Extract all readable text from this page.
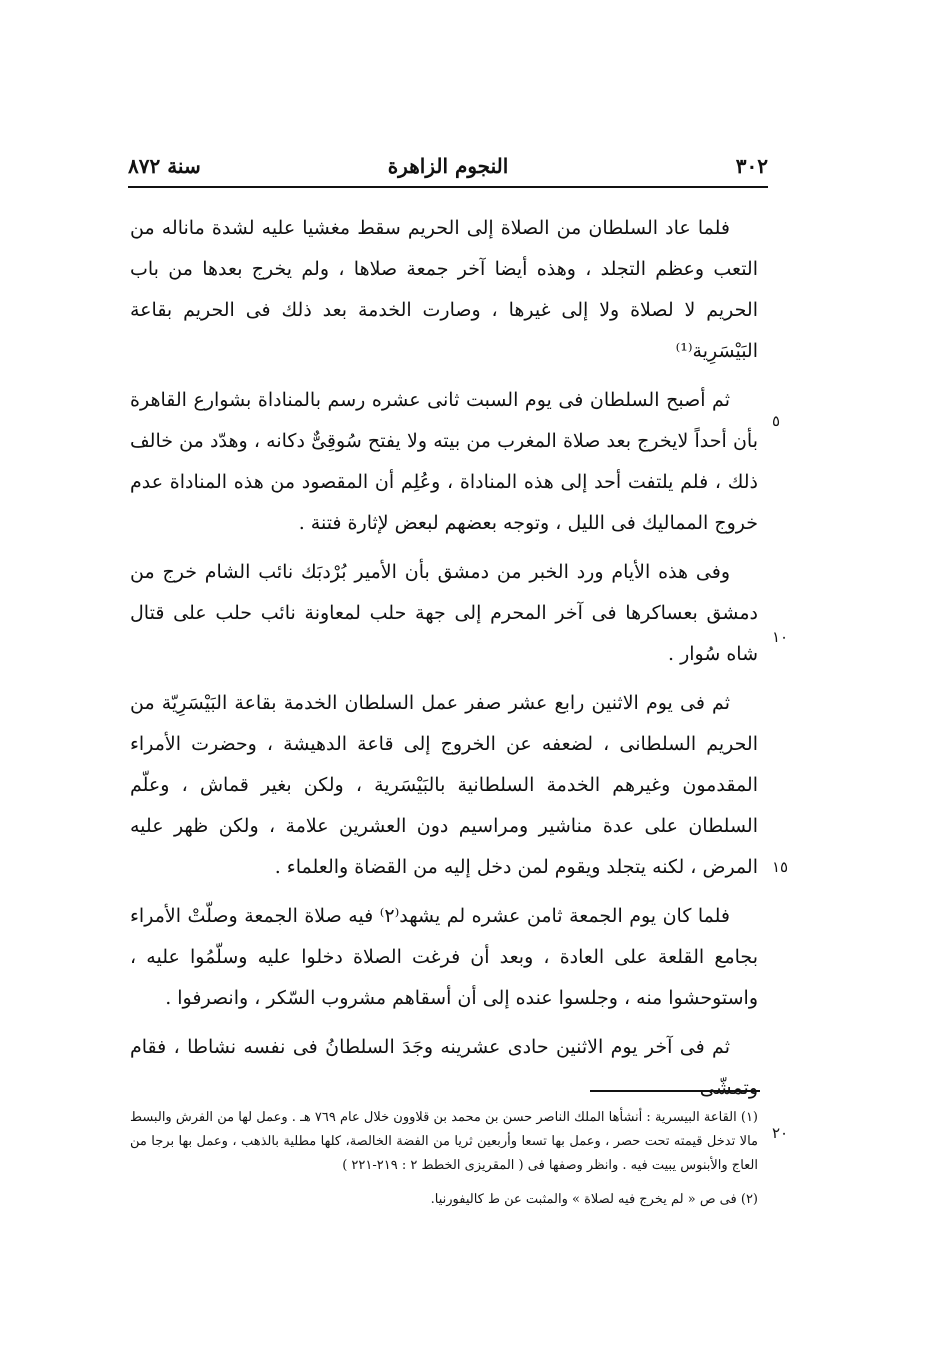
٣٠٢
النجوم الزاهرة
سنة ٨٧٢

فلما عاد السلطان من الصلاة إلى الحريم سقط مغشيا عليه لشدة ماناله من التعب وعظم التجلد ، وهذه أيضا آخر جمعة صلاها ، ولم يخرج بعدها من باب الحريم لا لصلاة ولا إلى غيرها ، وصارت الخدمة بعد ذلك فى الحريم بقاعة البَيْسَرِية⁽¹⁾

ثم أصبح السلطان فى يوم السبت ثانى عشره رسم بالمناداة بشوارع القاهرة بأن أحداً لايخرج بعد صلاة المغرب من بيته ولا يفتح سُوقِىٌّ دكانه ، وهدّد من خالف ذلك ، فلم يلتفت أحد إلى هذه المناداة ، وعُلِم أن المقصود من هذه المناداة عدم خروج المماليك فى الليل ، وتوجه بعضهم لبعض لإثارة فتنة .

وفى هذه الأيام ورد الخبر من دمشق بأن الأمير بُرْدبَك نائب الشام خرج من دمشق بعساكرها فى آخر المحرم إلى جهة حلب لمعاونة نائب حلب على قتال شاه سُوار .

ثم فى يوم الاثنين رابع عشر صفر عمل السلطان الخدمة بقاعة البَيْسَرِيّة من الحريم السلطانى ، لضعفه عن الخروج إلى قاعة الدهيشة ، وحضرت الأمراء المقدمون وغيرهم الخدمة السلطانية بالبَيْسَرية ، ولكن بغير قماش ، وعلّم السلطان على عدة مناشير ومراسيم دون العشرين علامة ، ولكن ظهر عليه المرض ، لكنه يتجلد ويقوم لمن دخل إليه من القضاة والعلماء .

فلما كان يوم الجمعة ثامن عشره لم يشهد⁽٢⁾ فيه صلاة الجمعة وصلّتْ الأمراء بجامع القلعة على العادة ، وبعد أن فرغت الصلاة دخلوا عليه وسلّمُوا عليه ، واستوحشوا منه ، وجلسوا عنده إلى أن أسقاهم مشروب السّكر ، وانصرفوا .

ثم فى آخر يوم الاثنين حادى عشرينه وجَدَ السلطانُ فى نفسه نشاطا ، فقام وتمشّى

٥
١٠
١٥
٢٠

(١) القاعة البيسرية : أنشأها الملك الناصر حسن بن محمد بن قلاوون خلال عام ٧٦٩ هـ . وعمل لها من الفرش والبسط مالا تدخل قيمته تحت حصر ، وعمل بها تسعا وأربعين ثريا من الفضة الخالصة، كلها مطلية بالذهب ، وعمل بها برجا من العاج والأبنوس يبيت فيه . وانظر وصفها فى ( المقريزى الخطط ٢ : ٢١٩-٢٢١ )

(٢) فى ص « لم يخرج فيه لصلاة » والمثبت عن ط كاليفورنيا.
